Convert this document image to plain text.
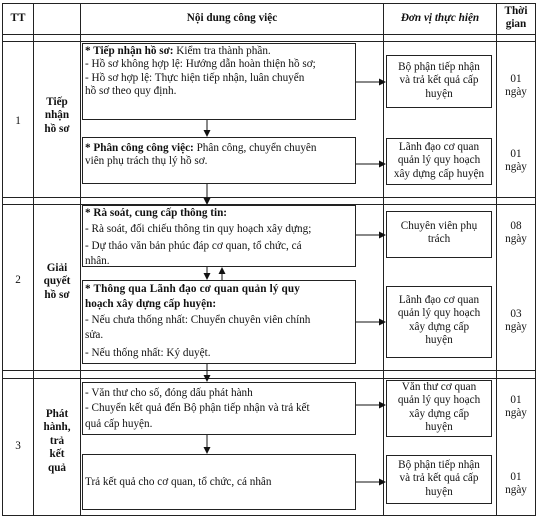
TT	Nội dung công việc	Đơn vị thực hiện
Thời
gian
1
Tiếp
nhận
hồ sơ
* Tiếp nhận hồ sơ: Kiểm tra thành phần.
- Hồ sơ không hợp lệ: Hướng dẫn hoàn thiện hồ sơ;
- Hồ sơ hợp lệ: Thực hiện tiếp nhận, luân chuyển
hồ sơ theo quy định.
Bộ phận tiếp nhận
và trả kết quả cấp
huyện
01
ngày
* Phân công công việc: Phân công, chuyển chuyên
viên phụ trách thụ lý hồ sơ.
Lãnh đạo cơ quan
quản lý quy hoạch
xây dựng cấp huyện
01
ngày
2
Giải
quyết
hồ sơ
* Rà soát, cung cấp thông tin:
- Rà soát, đối chiếu thông tin quy hoạch xây dựng;
- Dự thảo văn bản phúc đáp cơ quan, tổ chức, cá
nhân.
Chuyên viên phụ
trách
08
ngày
* Thông qua Lãnh đạo cơ quan quản lý quy
hoạch xây dựng cấp huyện:
- Nếu chưa thống nhất: Chuyển chuyên viên chính
sửa.
- Nếu thống nhất: Ký duyệt.
Lãnh đạo cơ quan
quản lý quy hoạch
xây dựng cấp
huyện
03
ngày
3
Phát
hành,
trả
kết
quả
- Văn thư cho số, đóng dấu phát hành
- Chuyển kết quả đến Bộ phận tiếp nhận và trả kết
quả cấp huyện.
Văn thư cơ quan
quản lý quy hoạch
xây dựng cấp
huyện
01
ngày
Trả kết quả cho cơ quan, tổ chức, cá nhân
Bộ phận tiếp nhận
và trả kết quả cấp
huyện
01
ngày
